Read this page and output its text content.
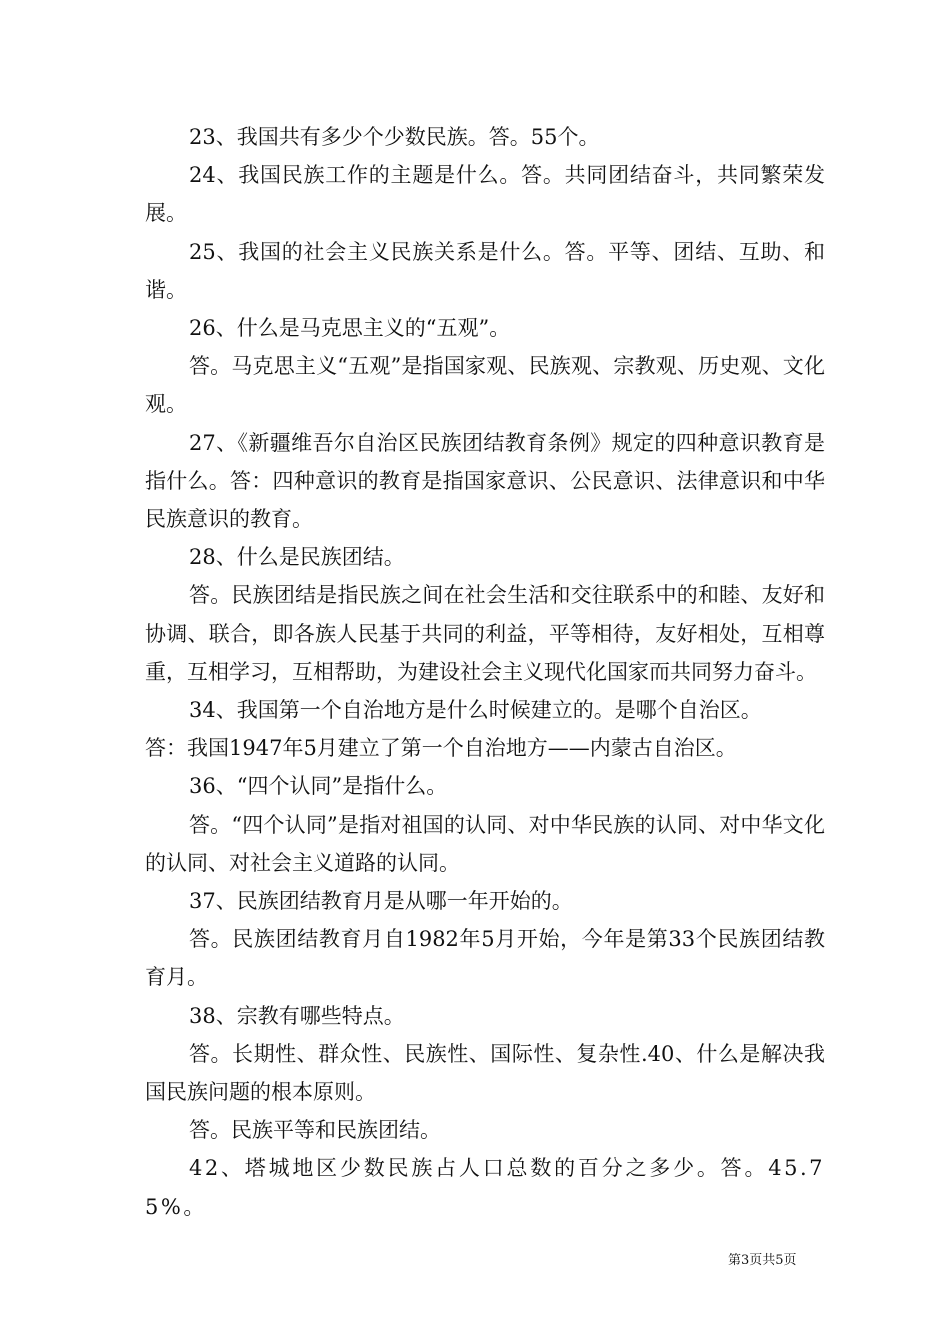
23、我国共有多少个少数民族。答。55个。

24、我国民族工作的主题是什么。答。共同团结奋斗，共同繁荣发展。

25、我国的社会主义民族关系是什么。答。平等、团结、互助、和谐。

26、什么是马克思主义的“五观”。

答。马克思主义“五观”是指国家观、民族观、宗教观、历史观、文化观。

27、《新疆维吾尔自治区民族团结教育条例》规定的四种意识教育是指什么。答：四种意识的教育是指国家意识、公民意识、法律意识和中华民族意识的教育。

28、什么是民族团结。

答。民族团结是指民族之间在社会生活和交往联系中的和睦、友好和协调、联合，即各族人民基于共同的利益，平等相待，友好相处，互相尊重，互相学习，互相帮助，为建设社会主义现代化国家而共同努力奋斗。

34、我国第一个自治地方是什么时候建立的。是哪个自治区。

答：我国1947年5月建立了第一个自治地方——内蒙古自治区。

36、“四个认同”是指什么。

答。“四个认同”是指对祖国的认同、对中华民族的认同、对中华文化的认同、对社会主义道路的认同。

37、民族团结教育月是从哪一年开始的。

答。民族团结教育月自1982年5月开始，今年是第33个民族团结教育月。

38、宗教有哪些特点。

答。长期性、群众性、民族性、国际性、复杂性.40、什么是解决我国民族问题的根本原则。

答。民族平等和民族团结。

42、塔城地区少数民族占人口总数的百分之多少。答。45.75%。

第3页共5页
